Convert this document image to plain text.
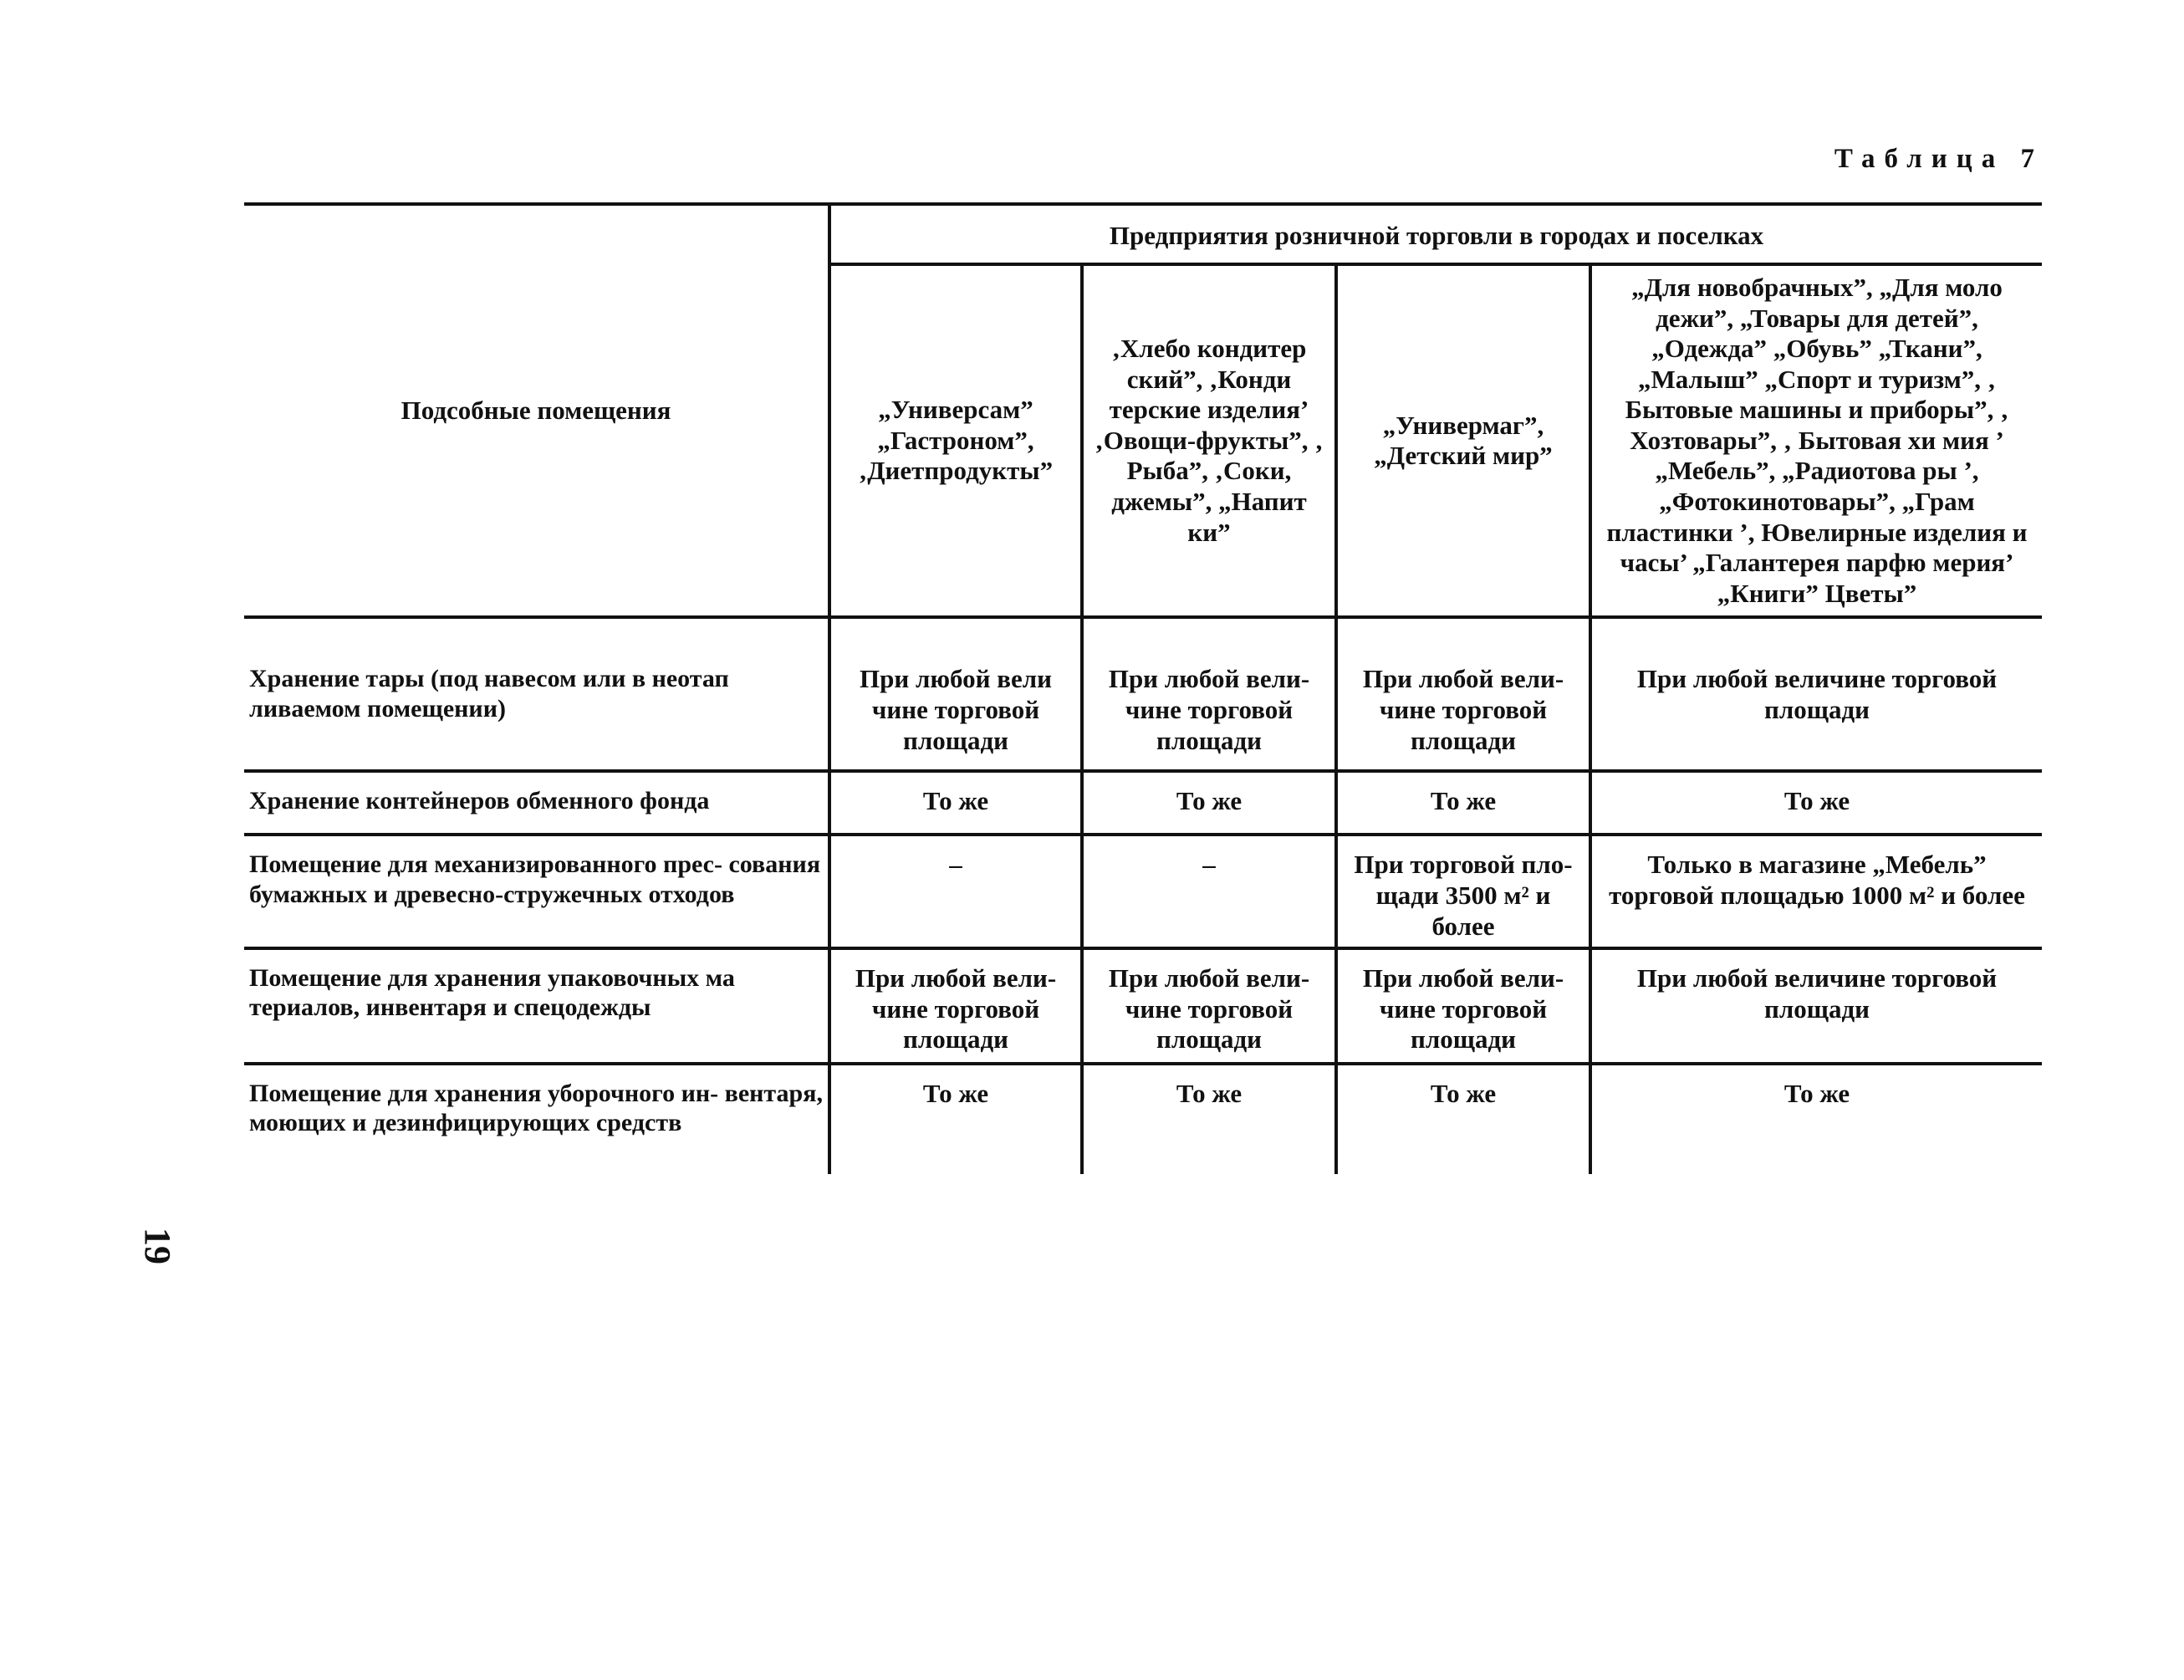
Таблица 7
Подсобные помещения	Предприятия розничной торговли в городах и поселках			
	„Универсам” „Гастроном”, ‚Диетпродукты”	‚Хлебо кондитер ский”, ‚Конди терские изделия’ ‚Овощи-фрукты”, ‚ Рыба”, ‚Соки, джемы”, „Напит ки”	„Универмаг”, „Детский мир”	„Для новобрачных”, „Для моло дежи”, „Товары для детей”, „Одежда” „Обувь” „Ткани”, „Малыш” „Спорт и туризм”, ‚ Бытовые машины и приборы”, ‚ Хозтовары”, ‚ Бытовая хи мия ’ „Мебель”, „Радиотова ры ’, „Фотокинотовары”, „Грам пластинки ’, Ювелирные изделия и часы’ „Галантерея парфю мерия’ „Книги” Цветы”
Хранение тары (под навесом или в неотап ливаемом помещении)	При любой вели чине торговой площади	При любой вели- чине торговой площади	При любой вели- чине торговой площади	При любой величине торговой площади
Хранение контейнеров обменного фонда	То же	То же	То же	То же
Помещение для механизированного прес- сования бумажных и древесно-стружечных отходов	–	–	При торговой пло- щади 3500 м² и более	Только в магазине „Мебель” торговой площадью 1000 м² и более
Помещение для хранения упаковочных ма териалов, инвентаря и спецодежды	При любой вели- чине торговой площади	При любой вели- чине торговой площади	При любой вели- чине торговой площади	При любой величине торговой площади
Помещение для хранения уборочного ин- вентаря, моющих и дезинфицирующих средств	То же	То же	То же	То же
19
